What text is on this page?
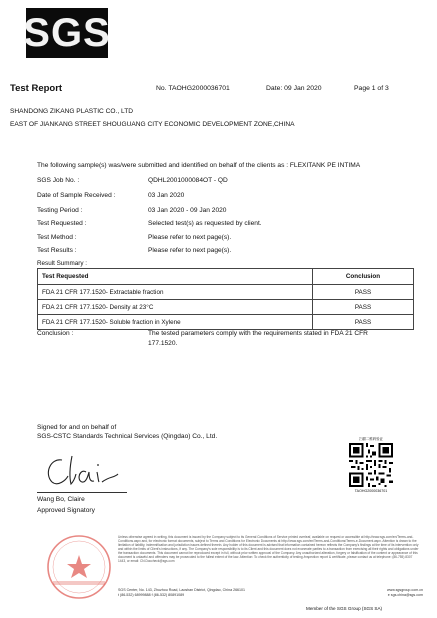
SGS
Test Report	No. TAOHG2000036701	Date: 09 Jan 2020	Page 1 of 3
SHANDONG ZIKANG PLASTIC CO., LTD
EAST OF JIANKANG STREET SHOUGUANG CITY ECONOMIC DEVELOPMENT ZONE,CHINA
The following sample(s) was/were submitted and identified on behalf of the clients as : FLEXITANK PE INTIMA
SGS Job No. :	QDHL2001000084OT - QD
Date of Sample Received :	03 Jan 2020
Testing Period :	03 Jan 2020 - 09 Jan 2020
Test Requested :	Selected test(s) as requested by client.
Test Method :	Please refer to next page(s).
Test Results :	Please refer to next page(s).
Result Summary :
Test Requested	Conclusion
FDA 21 CFR 177.1520- Extractable fraction	PASS
FDA 21 CFR 177.1520- Density at 23°C	PASS
FDA 21 CFR 177.1520- Soluble fraction in Xylene	PASS
Conclusion :	The tested parameters comply with the requirements stated in FDA 21 CFR
177.1520.
Signed for and on behalf of
SGS-CSTC Standards Technical Services (Qingdao) Co., Ltd.
Wang Bo, Claire
Approved Signatory
扫描二维码验证
TAOHG2000036701
Unless otherwise agreed in writing, this document is issued by the Company subject to its General Conditions of Service printed overleaf, available on request or accessible at http://www.sgs.com/en/Terms-and-Conditions.aspx and, for electronic format documents, subject to Terms and Conditions for Electronic Documents at http://www.sgs.com/en/Terms-and-Conditions/Terms-e-Document.aspx. Attention is drawn to the limitation of liability, indemnification and jurisdiction issues defined therein. Any holder of this document is advised that information contained hereon reflects the Company's findings at the time of its intervention only and within the limits of Client's instructions, if any. The Company's sole responsibility is to its Client and this document does not exonerate parties to a transaction from exercising all their rights and obligations under the transaction documents. This document cannot be reproduced except in full, without prior written approval of the Company. Any unauthorized alteration, forgery or falsification of the content or appearance of this document is unlawful and offenders may be prosecuted to the fullest extent of the law. Attention: To check the authenticity of testing /inspection report & certificate, please contact us at telephone: (86-755) 8307 1443, or email: CN.Doccheck@sgs.com
SGS Center, No. 143, Zhuzhou Road, Laoshan District, Qingdao, China 266101
t (86-532) 68999888 f (86-532) 80891089
www.sgsgroup.com.cn
e sgs.china@sgs.com
Member of the SGS Group (SGS SA)
